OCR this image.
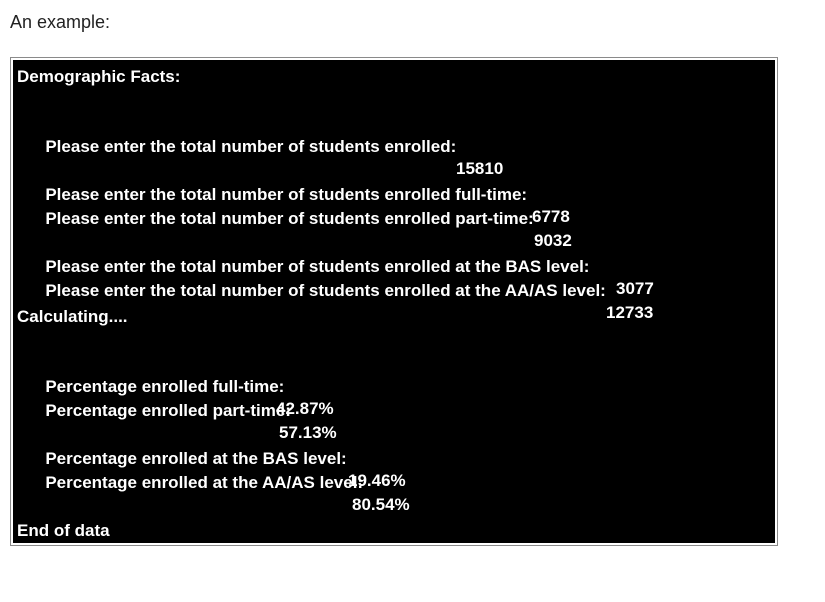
An example:
Demographic Facts:

Please enter the total number of students enrolled:

15810

Please enter the total number of students enrolled full-time:

6778

Please enter the total number of students enrolled part-time:

9032

Please enter the total number of students enrolled at the BAS level:

3077

Please enter the total number of students enrolled at the AA/AS level:

12733

Calculating....

Percentage enrolled full-time:

42.87%

Percentage enrolled part-time:

57.13%

Percentage enrolled at the BAS level:

19.46%

Percentage enrolled at the AA/AS level:

80.54%

End of data
